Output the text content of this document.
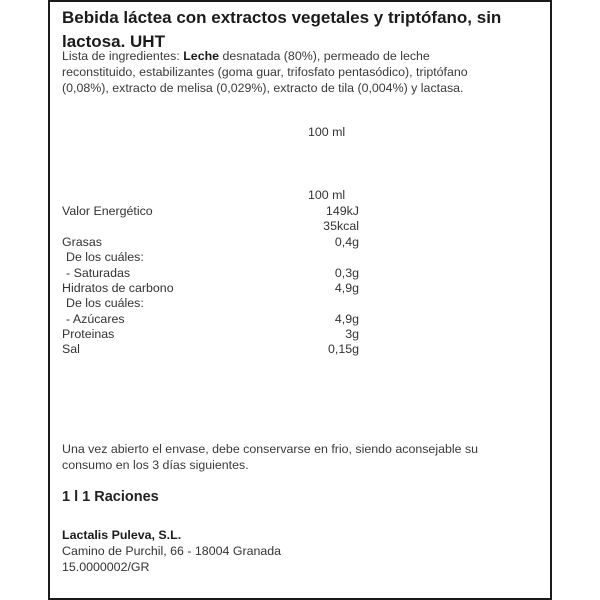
Bebida láctea con extractos vegetales y triptófano, sin
lactosa. UHT
Lista de ingredientes: Leche desnatada (80%), permeado de leche
reconstituido, estabilizantes (goma guar, trifosfato pentasódico), triptófano
(0,08%), extracto de melisa (0,029%), extracto de tila (0,004%) y lactasa.
100 ml
100 ml
Valor Energético	149kJ
35kcal
Grasas	0,4g
De los cuáles:
- Saturadas	0,3g
Hidratos de carbono	4,9g
De los cuáles:
- Azúcares	4,9g
Proteinas	3g
Sal	0,15g
Una vez abierto el envase, debe conservarse en frio, siendo aconsejable su
consumo en los 3 días siguientes.
1 l 1 Raciones
Lactalis Puleva, S.L.
Camino de Purchil, 66 - 18004 Granada
15.0000002/GR
